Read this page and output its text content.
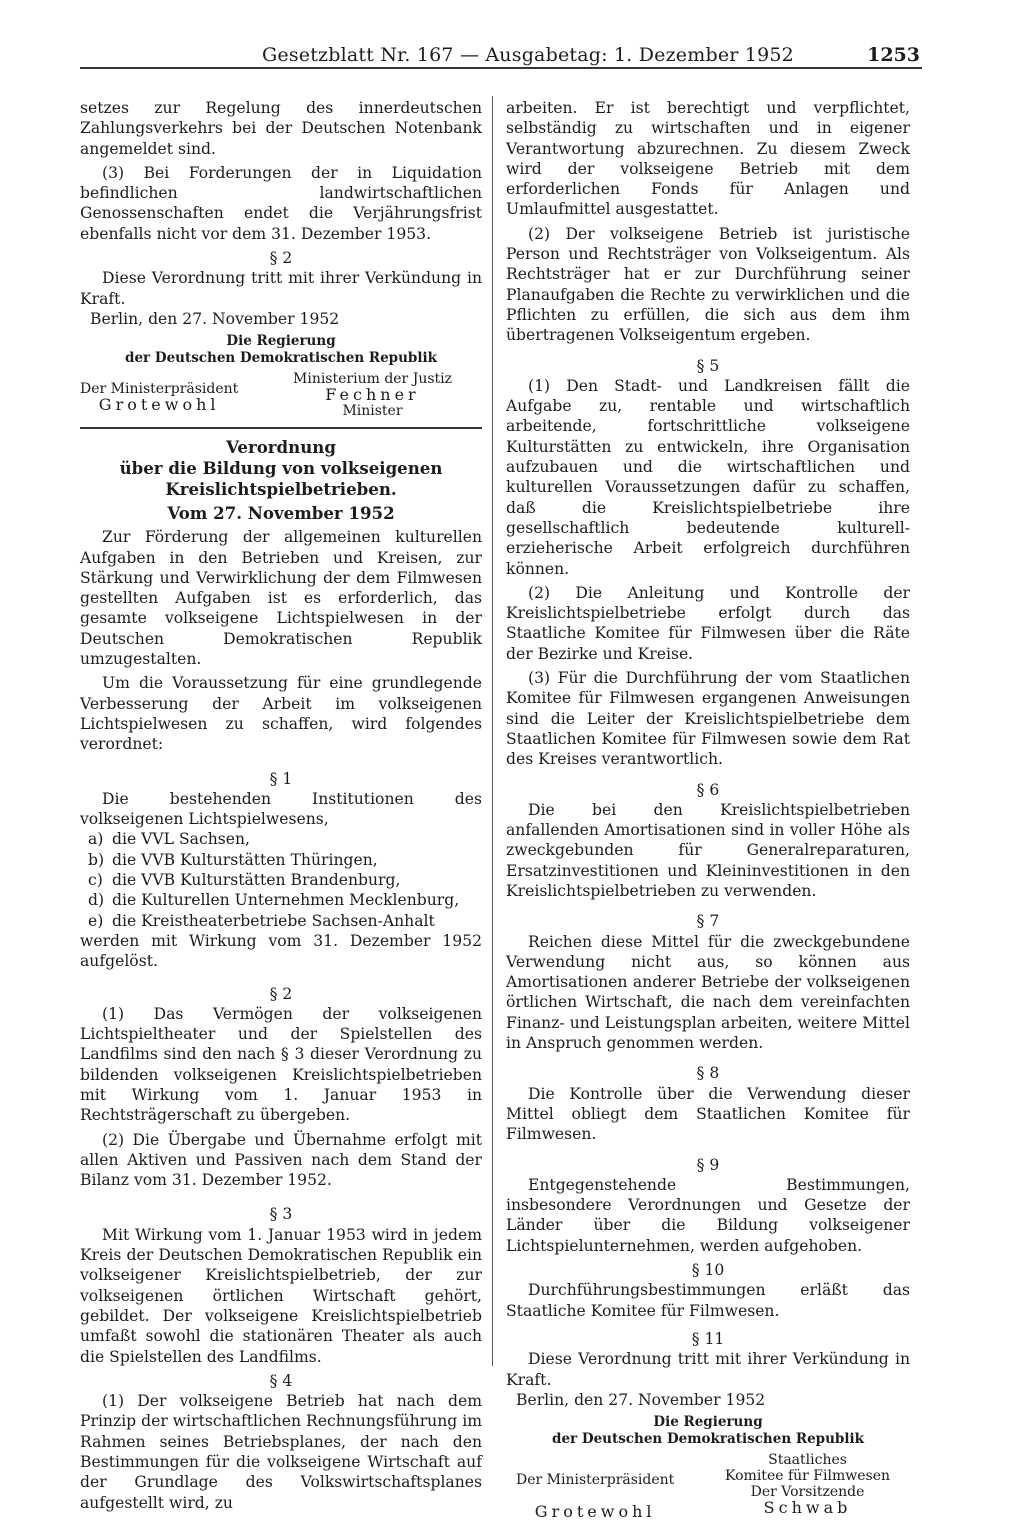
Gesetzblatt Nr. 167 — Ausgabetag: 1. Dezember 1952	1253

setzes zur Regelung des innerdeutschen Zahlungsverkehrs bei der Deutschen Notenbank angemeldet sind.

(3) Bei Forderungen der in Liquidation befindlichen landwirtschaftlichen Genossenschaften endet die Verjährungsfrist ebenfalls nicht vor dem 31. Dezember 1953.

§ 2

Diese Verordnung tritt mit ihrer Verkündung in Kraft.

Berlin, den 27. November 1952

Die Regierung
der Deutschen Demokratischen Republik
Der Ministerpräsident
Grotewohl
Ministerium der Justiz
Fechner
Minister
Verordnung
über die Bildung von volkseigenen
Kreislichtspielbetrieben.
Vom 27. November 1952

Zur Förderung der allgemeinen kulturellen Aufgaben in den Betrieben und Kreisen, zur Stärkung und Verwirklichung der dem Filmwesen gestellten Aufgaben ist es erforderlich, das gesamte volkseigene Lichtspielwesen in der Deutschen Demokratischen Republik umzugestalten.

Um die Voraussetzung für eine grundlegende Verbesserung der Arbeit im volkseigenen Lichtspielwesen zu schaffen, wird folgendes verordnet:

§ 1

Die bestehenden Institutionen des volkseigenen Lichtspielwesens,

a) die VVL Sachsen,
b) die VVB Kulturstätten Thüringen,
c) die VVB Kulturstätten Brandenburg,
d) die Kulturellen Unternehmen Mecklenburg,
e) die Kreistheaterbetriebe Sachsen-Anhalt

werden mit Wirkung vom 31. Dezember 1952 aufgelöst.

§ 2

(1) Das Vermögen der volkseigenen Lichtspieltheater und der Spielstellen des Landfilms sind den nach § 3 dieser Verordnung zu bildenden volkseigenen Kreislichtspielbetrieben mit Wirkung vom 1. Januar 1953 in Rechtsträgerschaft zu übergeben.

(2) Die Übergabe und Übernahme erfolgt mit allen Aktiven und Passiven nach dem Stand der Bilanz vom 31. Dezember 1952.

§ 3

Mit Wirkung vom 1. Januar 1953 wird in jedem Kreis der Deutschen Demokratischen Republik ein volkseigener Kreislichtspielbetrieb, der zur volkseigenen örtlichen Wirtschaft gehört, gebildet. Der volkseigene Kreislichtspielbetrieb umfaßt sowohl die stationären Theater als auch die Spielstellen des Landfilms.

§ 4

(1) Der volkseigene Betrieb hat nach dem Prinzip der wirtschaftlichen Rechnungsführung im Rahmen seines Betriebsplanes, der nach den Bestimmungen für die volkseigene Wirtschaft auf der Grundlage des Volkswirtschaftsplanes aufgestellt wird, zu

arbeiten. Er ist berechtigt und verpflichtet, selbständig zu wirtschaften und in eigener Verantwortung abzurechnen. Zu diesem Zweck wird der volkseigene Betrieb mit dem erforderlichen Fonds für Anlagen und Umlaufmittel ausgestattet.

(2) Der volkseigene Betrieb ist juristische Person und Rechtsträger von Volkseigentum. Als Rechtsträger hat er zur Durchführung seiner Planaufgaben die Rechte zu verwirklichen und die Pflichten zu erfüllen, die sich aus dem ihm übertragenen Volkseigentum ergeben.

§ 5

(1) Den Stadt- und Landkreisen fällt die Aufgabe zu, rentable und wirtschaftlich arbeitende, fortschrittliche volkseigene Kulturstätten zu entwickeln, ihre Organisation aufzubauen und die wirtschaftlichen und kulturellen Voraussetzungen dafür zu schaffen, daß die Kreislichtspielbetriebe ihre gesellschaftlich bedeutende kulturell-erzieherische Arbeit erfolgreich durchführen können.

(2) Die Anleitung und Kontrolle der Kreislichtspielbetriebe erfolgt durch das Staatliche Komitee für Filmwesen über die Räte der Bezirke und Kreise.

(3) Für die Durchführung der vom Staatlichen Komitee für Filmwesen ergangenen Anweisungen sind die Leiter der Kreislichtspielbetriebe dem Staatlichen Komitee für Filmwesen sowie dem Rat des Kreises verantwortlich.

§ 6

Die bei den Kreislichtspielbetrieben anfallenden Amortisationen sind in voller Höhe als zweckgebunden für Generalreparaturen, Ersatzinvestitionen und Kleininvestitionen in den Kreislichtspielbetrieben zu verwenden.

§ 7

Reichen diese Mittel für die zweckgebundene Verwendung nicht aus, so können aus Amortisationen anderer Betriebe der volkseigenen örtlichen Wirtschaft, die nach dem vereinfachten Finanz- und Leistungsplan arbeiten, weitere Mittel in Anspruch genommen werden.

§ 8

Die Kontrolle über die Verwendung dieser Mittel obliegt dem Staatlichen Komitee für Filmwesen.

§ 9

Entgegenstehende Bestimmungen, insbesondere Verordnungen und Gesetze der Länder über die Bildung volkseigener Lichtspielunternehmen, werden aufgehoben.

§ 10

Durchführungsbestimmungen erläßt das Staatliche Komitee für Filmwesen.

§ 11

Diese Verordnung tritt mit ihrer Verkündung in Kraft.

Berlin, den 27. November 1952

Die Regierung
der Deutschen Demokratischen Republik
Der Ministerpräsident
Grotewohl
Staatliches
Komitee für Filmwesen
Der Vorsitzende
Schwab
